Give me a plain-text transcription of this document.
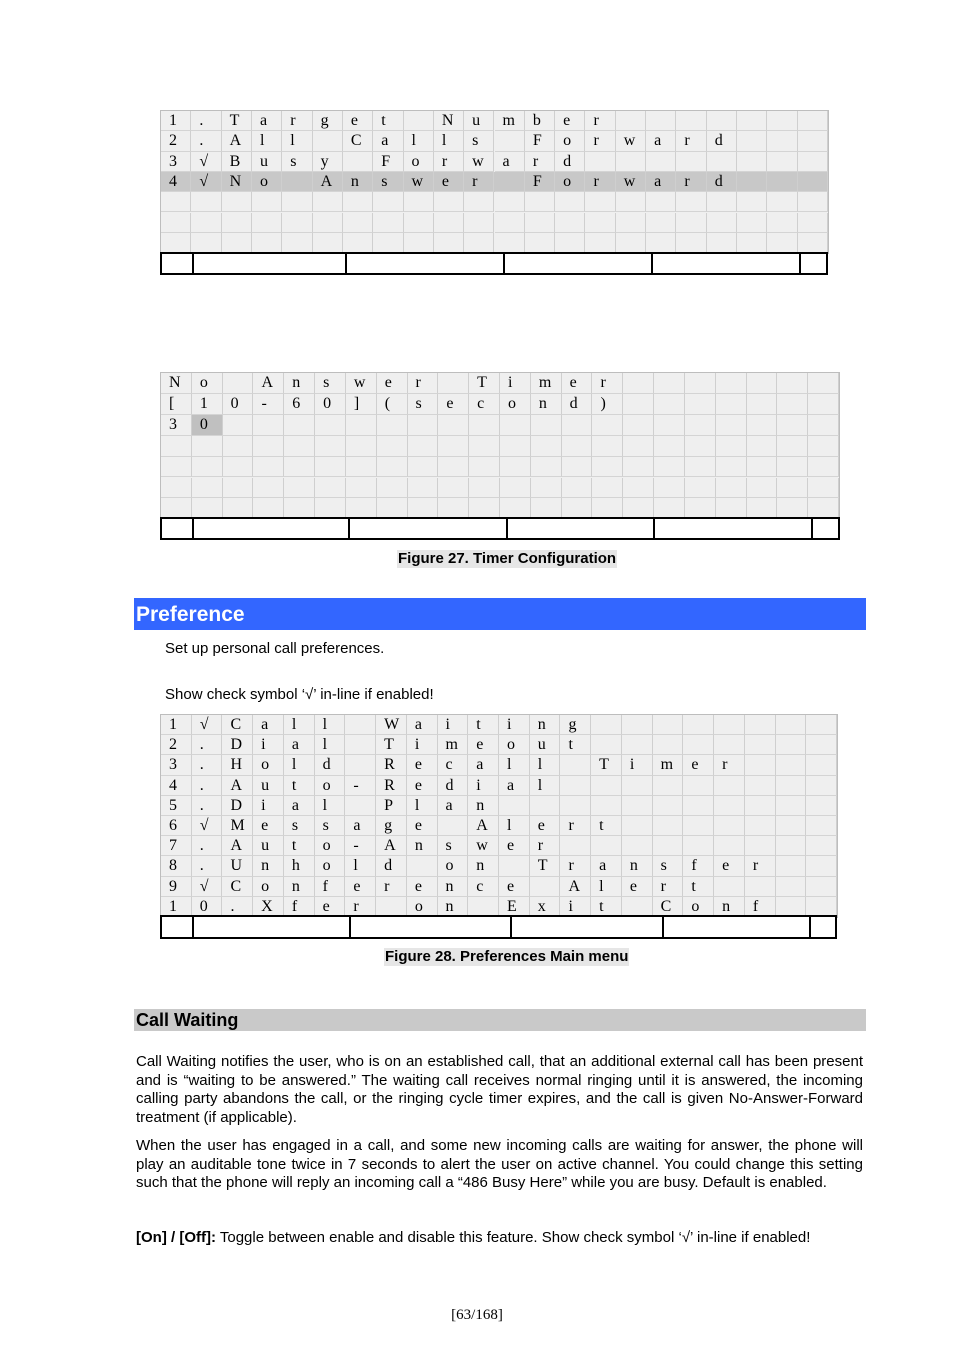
1	.	T	a	r	g	e	t	N	u	m	b	e	r
2	.	A	l	l	C	a	l	l	s	F	o	r	w	a	r	d
3	√	B	u	s	y	F	o	r	w	a	r	d
4	√	N	o	A	n	s	w	e	r	F	o	r	w	a	r	d
N	o	A	n	s	w	e	r	T	i	m	e	r
[	1	0	-	6	0	]	(	s	e	c	o	n	d	)
3	0
Figure 27. Timer Configuration
Preference
Set up personal call preferences.
Show check symbol ‘√’ in-line if enabled!
1	√	C	a	l	l	W a	i	t	i	n	g
2	.	D	i	a	l	T	i	m	e	o	u	t
3	.	H	o	l	d	R	e	c	a	l	l	T	i	m	e	r
4	.	A	u	t	o	-	R	e	d	i	a	l
5	.	D	i	a	l	P	l	a	n
6	√	M	e	s	s	a	g	e	A	l	e	r	t
7	.	A	u	t	o	-	A	n	s	w	e	r
8	.	U	n	h	o	l	d	o	n	T	r	a	n	s	f	e	r
9	√	C	o	n	f	e	r	e	n	c	e	A	l	e	r	t
1	0	.	X	f	e	r	o	n	E	x	i	t	C	o	n	f
Figure 28. Preferences Main menu
Call Waiting
Call Waiting notifies the user, who is on an established call, that an additional external call has been present and is “waiting to be answered.” The waiting call receives normal ringing until it is answered, the incoming calling party abandons the call, or the ringing cycle timer expires, and the call is given No-Answer-Forward treatment (if applicable).
When the user has engaged in a call, and some new incoming calls are waiting for answer, the phone will play an auditable tone twice in 7 seconds to alert the user on active channel. You could change this setting such that the phone will reply an incoming call a “486 Busy Here” while you are busy. Default is enabled.
[On] / [Off]: Toggle between enable and disable this feature. Show check symbol ‘√’ in-line if enabled!
[63/168]
